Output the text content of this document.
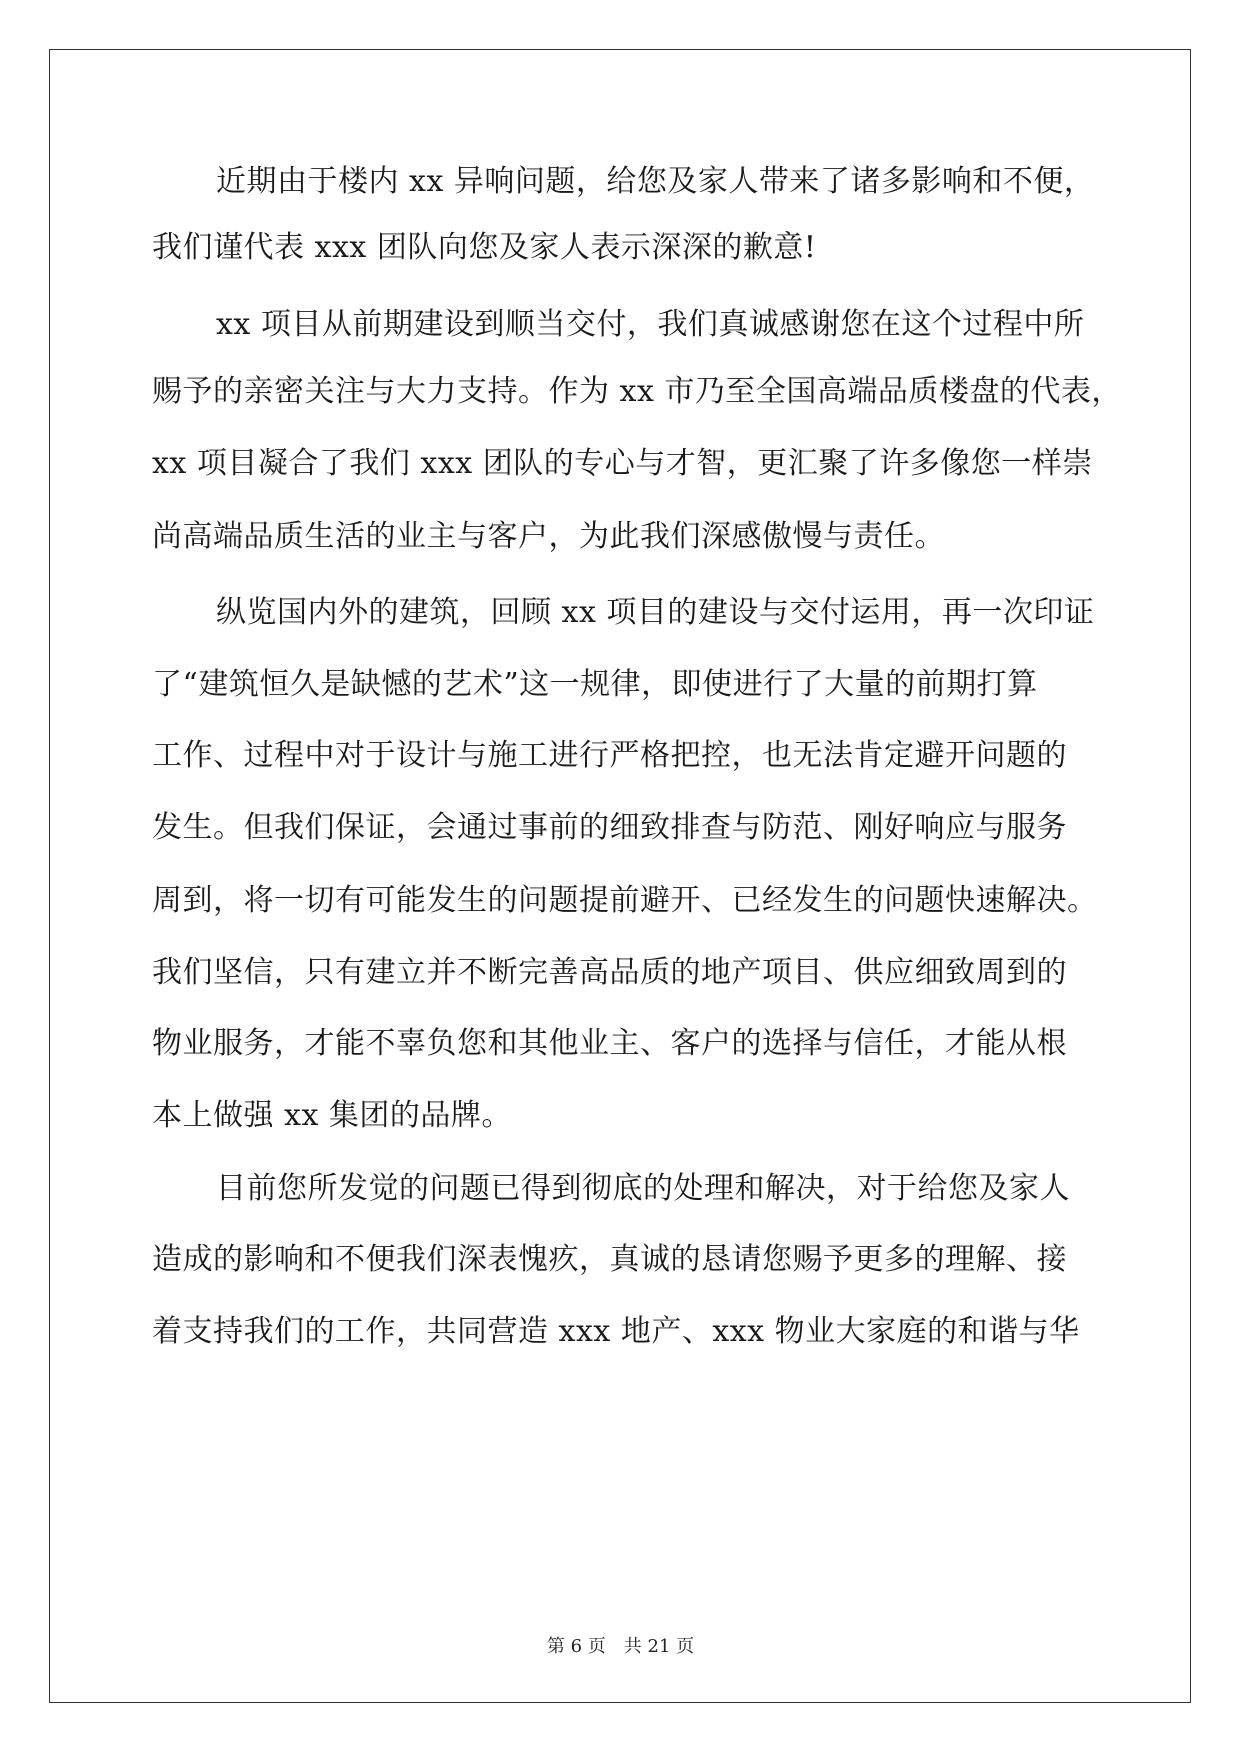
近期由于楼内 xx 异响问题，给您及家人带来了诸多影响和不便，
我们谨代表 xxx 团队向您及家人表示深深的歉意!
xx 项目从前期建设到顺当交付，我们真诚感谢您在这个过程中所
赐予的亲密关注与大力支持。作为 xx 市乃至全国高端品质楼盘的代表，
xx 项目凝合了我们 xxx 团队的专心与才智，更汇聚了许多像您一样崇
尚高端品质生活的业主与客户，为此我们深感傲慢与责任。
纵览国内外的建筑，回顾 xx 项目的建设与交付运用，再一次印证
了“建筑恒久是缺憾的艺术”这一规律，即使进行了大量的前期打算
工作、过程中对于设计与施工进行严格把控，也无法肯定避开问题的
发生。但我们保证，会通过事前的细致排查与防范、刚好响应与服务
周到，将一切有可能发生的问题提前避开、已经发生的问题快速解决。
我们坚信，只有建立并不断完善高品质的地产项目、供应细致周到的
物业服务，才能不辜负您和其他业主、客户的选择与信任，才能从根
本上做强 xx 集团的品牌。
目前您所发觉的问题已得到彻底的处理和解决，对于给您及家人
造成的影响和不便我们深表愧疚，真诚的恳请您赐予更多的理解、接
着支持我们的工作，共同营造 xxx 地产、xxx 物业大家庭的和谐与华
第 6 页 共 21 页
